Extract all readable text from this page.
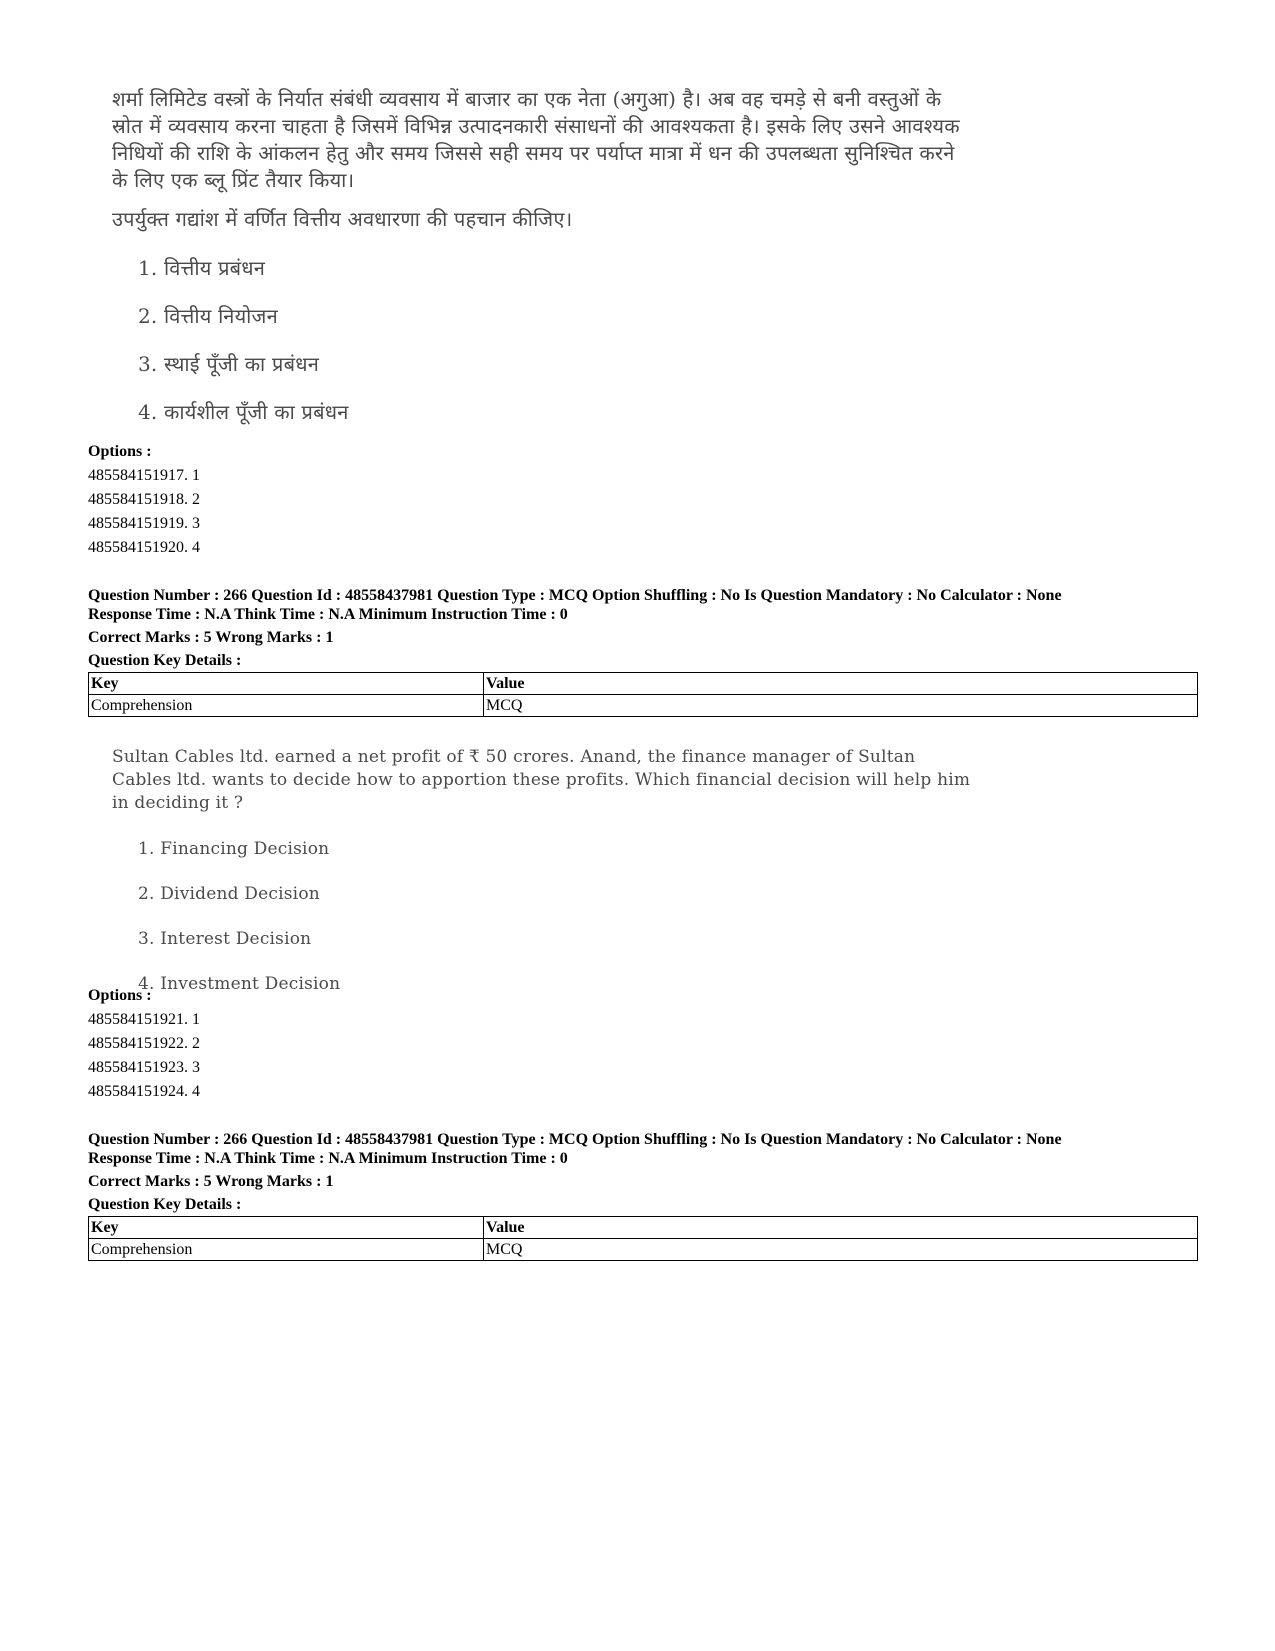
शर्मा लिमिटेड वस्त्रों के निर्यात संबंधी व्यवसाय में बाजार का एक नेता (अगुआ) है। अब वह चमड़े से बनी वस्तुओं के स्रोत में व्यवसाय करना चाहता है जिसमें विभिन्न उत्पादनकारी संसाधनों की आवश्यकता है। इसके लिए उसने आवश्यक निधियों की राशि के आंकलन हेतु और समय जिससे सही समय पर पर्याप्त मात्रा में धन की उपलब्धता सुनिश्चित करने के लिए एक ब्लू प्रिंट तैयार किया।
उपर्युक्त गद्यांश में वर्णित वित्तीय अवधारणा की पहचान कीजिए।
1. वित्तीय प्रबंधन
2. वित्तीय नियोजन
3. स्थाई पूँजी का प्रबंधन
4. कार्यशील पूँजी का प्रबंधन
Options :
485584151917. 1
485584151918. 2
485584151919. 3
485584151920. 4
Question Number : 266 Question Id : 48558437981 Question Type : MCQ Option Shuffling : No Is Question Mandatory : No Calculator : None
Response Time : N.A Think Time : N.A Minimum Instruction Time : 0
Correct Marks : 5 Wrong Marks : 1
Question Key Details :
Key	Value
Comprehension	MCQ
Sultan Cables ltd. earned a net profit of ₹ 50 crores. Anand, the finance manager of Sultan Cables ltd. wants to decide how to apportion these profits. Which financial decision will help him in deciding it ?
1. Financing Decision
2. Dividend Decision
3. Interest Decision
4. Investment Decision
Options :
485584151921. 1
485584151922. 2
485584151923. 3
485584151924. 4
Question Number : 266 Question Id : 48558437981 Question Type : MCQ Option Shuffling : No Is Question Mandatory : No Calculator : None
Response Time : N.A Think Time : N.A Minimum Instruction Time : 0
Correct Marks : 5 Wrong Marks : 1
Question Key Details :
Key	Value
Comprehension	MCQ
